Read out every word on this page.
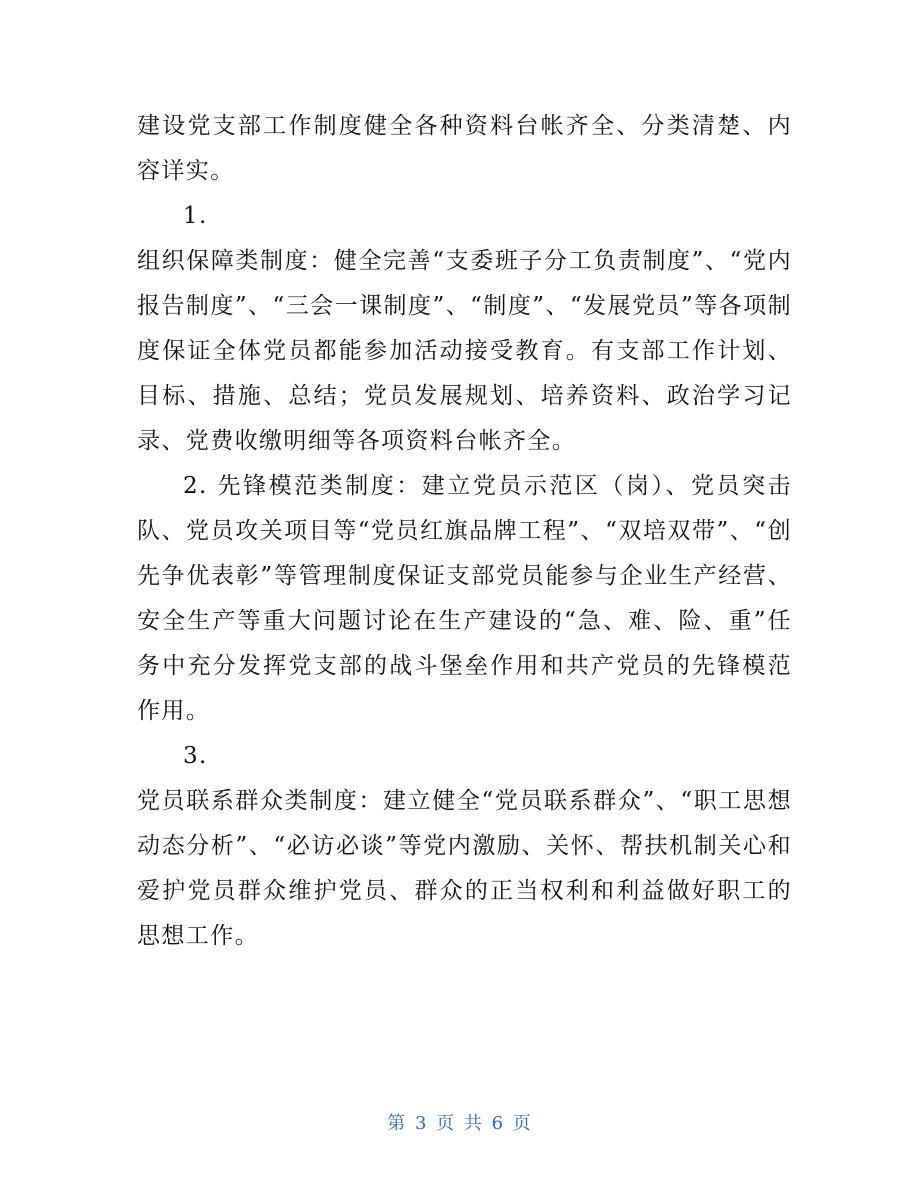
建设党支部工作制度健全各种资料台帐齐全、分类清楚、内容详实。

1.

组织保障类制度：健全完善“支委班子分工负责制度”、“党内报告制度”、“三会一课制度”、“制度”、“发展党员”等各项制度保证全体党员都能参加活动接受教育。有支部工作计划、目标、措施、总结；党员发展规划、培养资料、政治学习记录、党费收缴明细等各项资料台帐齐全。

2. 先锋模范类制度：建立党员示范区（岗）、党员突击队、党员攻关项目等“党员红旗品牌工程”、“双培双带”、“创先争优表彰”等管理制度保证支部党员能参与企业生产经营、安全生产等重大问题讨论在生产建设的“急、难、险、重”任务中充分发挥党支部的战斗堡垒作用和共产党员的先锋模范作用。

3.

党员联系群众类制度：建立健全“党员联系群众”、“职工思想动态分析”、“必访必谈”等党内激励、关怀、帮扶机制关心和爱护党员群众维护党员、群众的正当权利和利益做好职工的思想工作。

第 3 页 共 6 页
